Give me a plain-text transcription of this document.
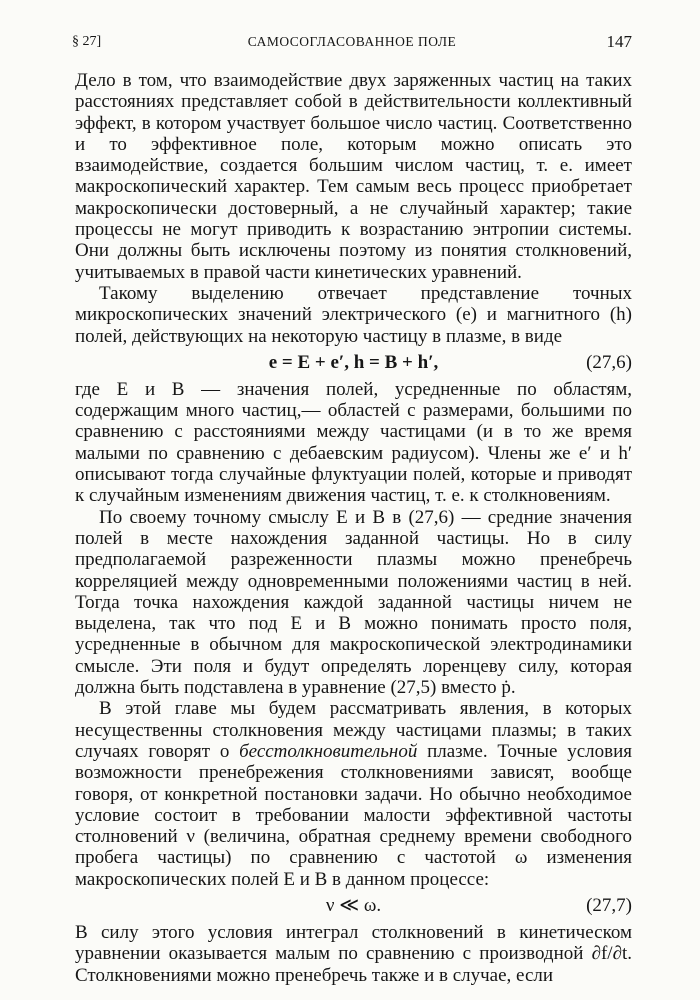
§ 27]	САМОСОГЛАСОВАННОЕ ПОЛЕ	147

Дело в том, что взаимодействие двух заряженных частиц на таких расстояниях представляет собой в действительности коллективный эффект, в котором участвует большое число частиц. Соответственно и то эффективное поле, которым можно описать это взаимодействие, создается большим числом частиц, т. е. имеет макроскопический характер. Тем самым весь процесс приобретает макроскопически достоверный, а не случайный характер; такие процессы не могут приводить к возрастанию энтропии системы. Они должны быть исключены поэтому из понятия столкновений, учитываемых в правой части кинетических уравнений.

Такому выделению отвечает представление точных микроскопических значений электрического (e) и магнитного (h) полей, действующих на некоторую частицу в плазме, в виде

e = E + e′, h = B + h′,	(27,6)

где E и B — значения полей, усредненные по областям, содержащим много частиц,— областей с размерами, большими по сравнению с расстояниями между частицами (и в то же время малыми по сравнению с дебаевским радиусом). Члены же e′ и h′ описывают тогда случайные флуктуации полей, которые и приводят к случайным изменениям движения частиц, т. е. к столкновениям.

По своему точному смыслу E и B в (27,6) — средние значения полей в месте нахождения заданной частицы. Но в силу предполагаемой разреженности плазмы можно пренебречь корреляцией между одновременными положениями частиц в ней. Тогда точка нахождения каждой заданной частицы ничем не выделена, так что под E и B можно понимать просто поля, усредненные в обычном для макроскопической электродинамики смысле. Эти поля и будут определять лоренцеву силу, которая должна быть подставлена в уравнение (27,5) вместо ṗ.

В этой главе мы будем рассматривать явления, в которых несущественны столкновения между частицами плазмы; в таких случаях говорят о бесстолкновительной плазме. Точные условия возможности пренебрежения столкновениями зависят, вообще говоря, от конкретной постановки задачи. Но обычно необходимое условие состоит в требовании малости эффективной частоты столновений ν (величина, обратная среднему времени свободного пробега частицы) по сравнению с частотой ω изменения макроскопических полей E и B в данном процессе:

ν ≪ ω.	(27,7)

В силу этого условия интеграл столкновений в кинетическом уравнении оказывается малым по сравнению с производной ∂f/∂t. Столкновениями можно пренебречь также и в случае, если
